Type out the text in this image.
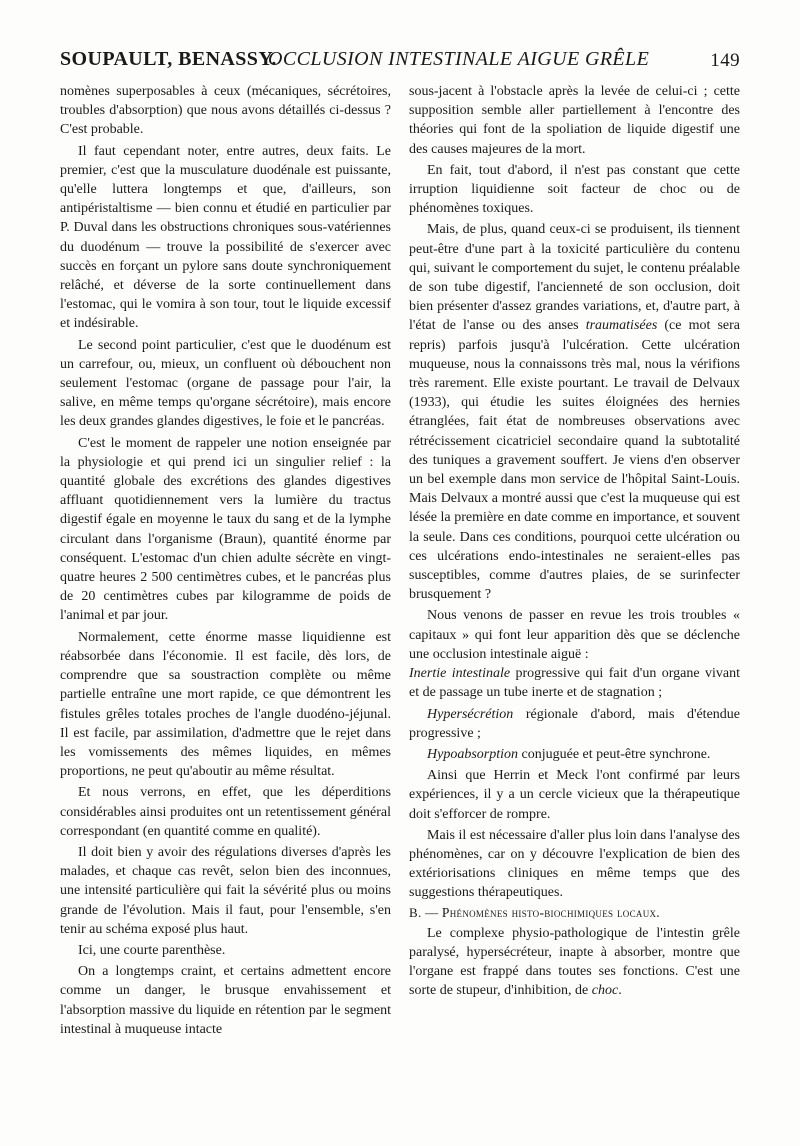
SOUPAULT, BENASSY.
OCCLUSION INTESTINALE AIGUE GRÊLE	149

nomènes superposables à ceux (mécaniques, sécrétoires, troubles d'absorption) que nous avons détaillés ci-dessus ? C'est probable.

Il faut cependant noter, entre autres, deux faits. Le premier, c'est que la musculature duodénale est puissante, qu'elle luttera longtemps et que, d'ailleurs, son antipéristaltisme — bien connu et étudié en particulier par P. Duval dans les obstructions chroniques sous-vatériennes du duodénum — trouve la possibilité de s'exercer avec succès en forçant un pylore sans doute synchroniquement relâché, et déverse de la sorte continuellement dans l'estomac, qui le vomira à son tour, tout le liquide excessif et indésirable.

Le second point particulier, c'est que le duodénum est un carrefour, ou, mieux, un confluent où débouchent non seulement l'estomac (organe de passage pour l'air, la salive, en même temps qu'organe sécrétoire), mais encore les deux grandes glandes digestives, le foie et le pancréas.

C'est le moment de rappeler une notion enseignée par la physiologie et qui prend ici un singulier relief : la quantité globale des excrétions des glandes digestives affluant quotidiennement vers la lumière du tractus digestif égale en moyenne le taux du sang et de la lymphe circulant dans l'organisme (Braun), quantité énorme par conséquent. L'estomac d'un chien adulte sécrète en vingt-quatre heures 2 500 centimètres cubes, et le pancréas plus de 20 centimètres cubes par kilogramme de poids de l'animal et par jour.

Normalement, cette énorme masse liquidienne est réabsorbée dans l'économie. Il est facile, dès lors, de comprendre que sa soustraction complète ou même partielle entraîne une mort rapide, ce que démontrent les fistules grêles totales proches de l'angle duodéno-jéjunal. Il est facile, par assimilation, d'admettre que le rejet dans les vomissements des mêmes liquides, en mêmes proportions, ne peut qu'aboutir au même résultat.

Et nous verrons, en effet, que les déperditions considérables ainsi produites ont un retentissement général correspondant (en quantité comme en qualité).

Il doit bien y avoir des régulations diverses d'après les malades, et chaque cas revêt, selon bien des inconnues, une intensité particulière qui fait la sévérité plus ou moins grande de l'évolution. Mais il faut, pour l'ensemble, s'en tenir au schéma exposé plus haut.

Ici, une courte parenthèse.

On a longtemps craint, et certains admettent encore comme un danger, le brusque envahissement et l'absorption massive du liquide en rétention par le segment intestinal à muqueuse intacte

sous-jacent à l'obstacle après la levée de celui-ci ; cette supposition semble aller partiellement à l'encontre des théories qui font de la spoliation de liquide digestif une des causes majeures de la mort.

En fait, tout d'abord, il n'est pas constant que cette irruption liquidienne soit facteur de choc ou de phénomènes toxiques.

Mais, de plus, quand ceux-ci se produisent, ils tiennent peut-être d'une part à la toxicité particulière du contenu qui, suivant le comportement du sujet, le contenu préalable de son tube digestif, l'ancienneté de son occlusion, doit bien présenter d'assez grandes variations, et, d'autre part, à l'état de l'anse ou des anses traumatisées (ce mot sera repris) parfois jusqu'à l'ulcération. Cette ulcération muqueuse, nous la connaissons très mal, nous la vérifions très rarement. Elle existe pourtant. Le travail de Delvaux (1933), qui étudie les suites éloignées des hernies étranglées, fait état de nombreuses observations avec rétrécissement cicatriciel secondaire quand la subtotalité des tuniques a gravement souffert. Je viens d'en observer un bel exemple dans mon service de l'hôpital Saint-Louis. Mais Delvaux a montré aussi que c'est la muqueuse qui est lésée la première en date comme en importance, et souvent la seule. Dans ces conditions, pourquoi cette ulcération ou ces ulcérations endo-intestinales ne seraient-elles pas susceptibles, comme d'autres plaies, de se surinfecter brusquement ?

Nous venons de passer en revue les trois troubles « capitaux » qui font leur apparition dès que se déclenche une occlusion intestinale aiguë :

Inertie intestinale progressive qui fait d'un organe vivant et de passage un tube inerte et de stagnation ;

Hypersécrétion régionale d'abord, mais d'étendue progressive ;

Hypoabsorption conjuguée et peut-être synchrone.

Ainsi que Herrin et Meck l'ont confirmé par leurs expériences, il y a un cercle vicieux que la thérapeutique doit s'efforcer de rompre.

Mais il est nécessaire d'aller plus loin dans l'analyse des phénomènes, car on y découvre l'explication de bien des extériorisations cliniques en même temps que des suggestions thérapeutiques.

B. — Phénomènes histo-biochimiques locaux.

Le complexe physio-pathologique de l'intestin grêle paralysé, hypersécréteur, inapte à absorber, montre que l'organe est frappé dans toutes ses fonctions. C'est une sorte de stupeur, d'inhibition, de choc.
